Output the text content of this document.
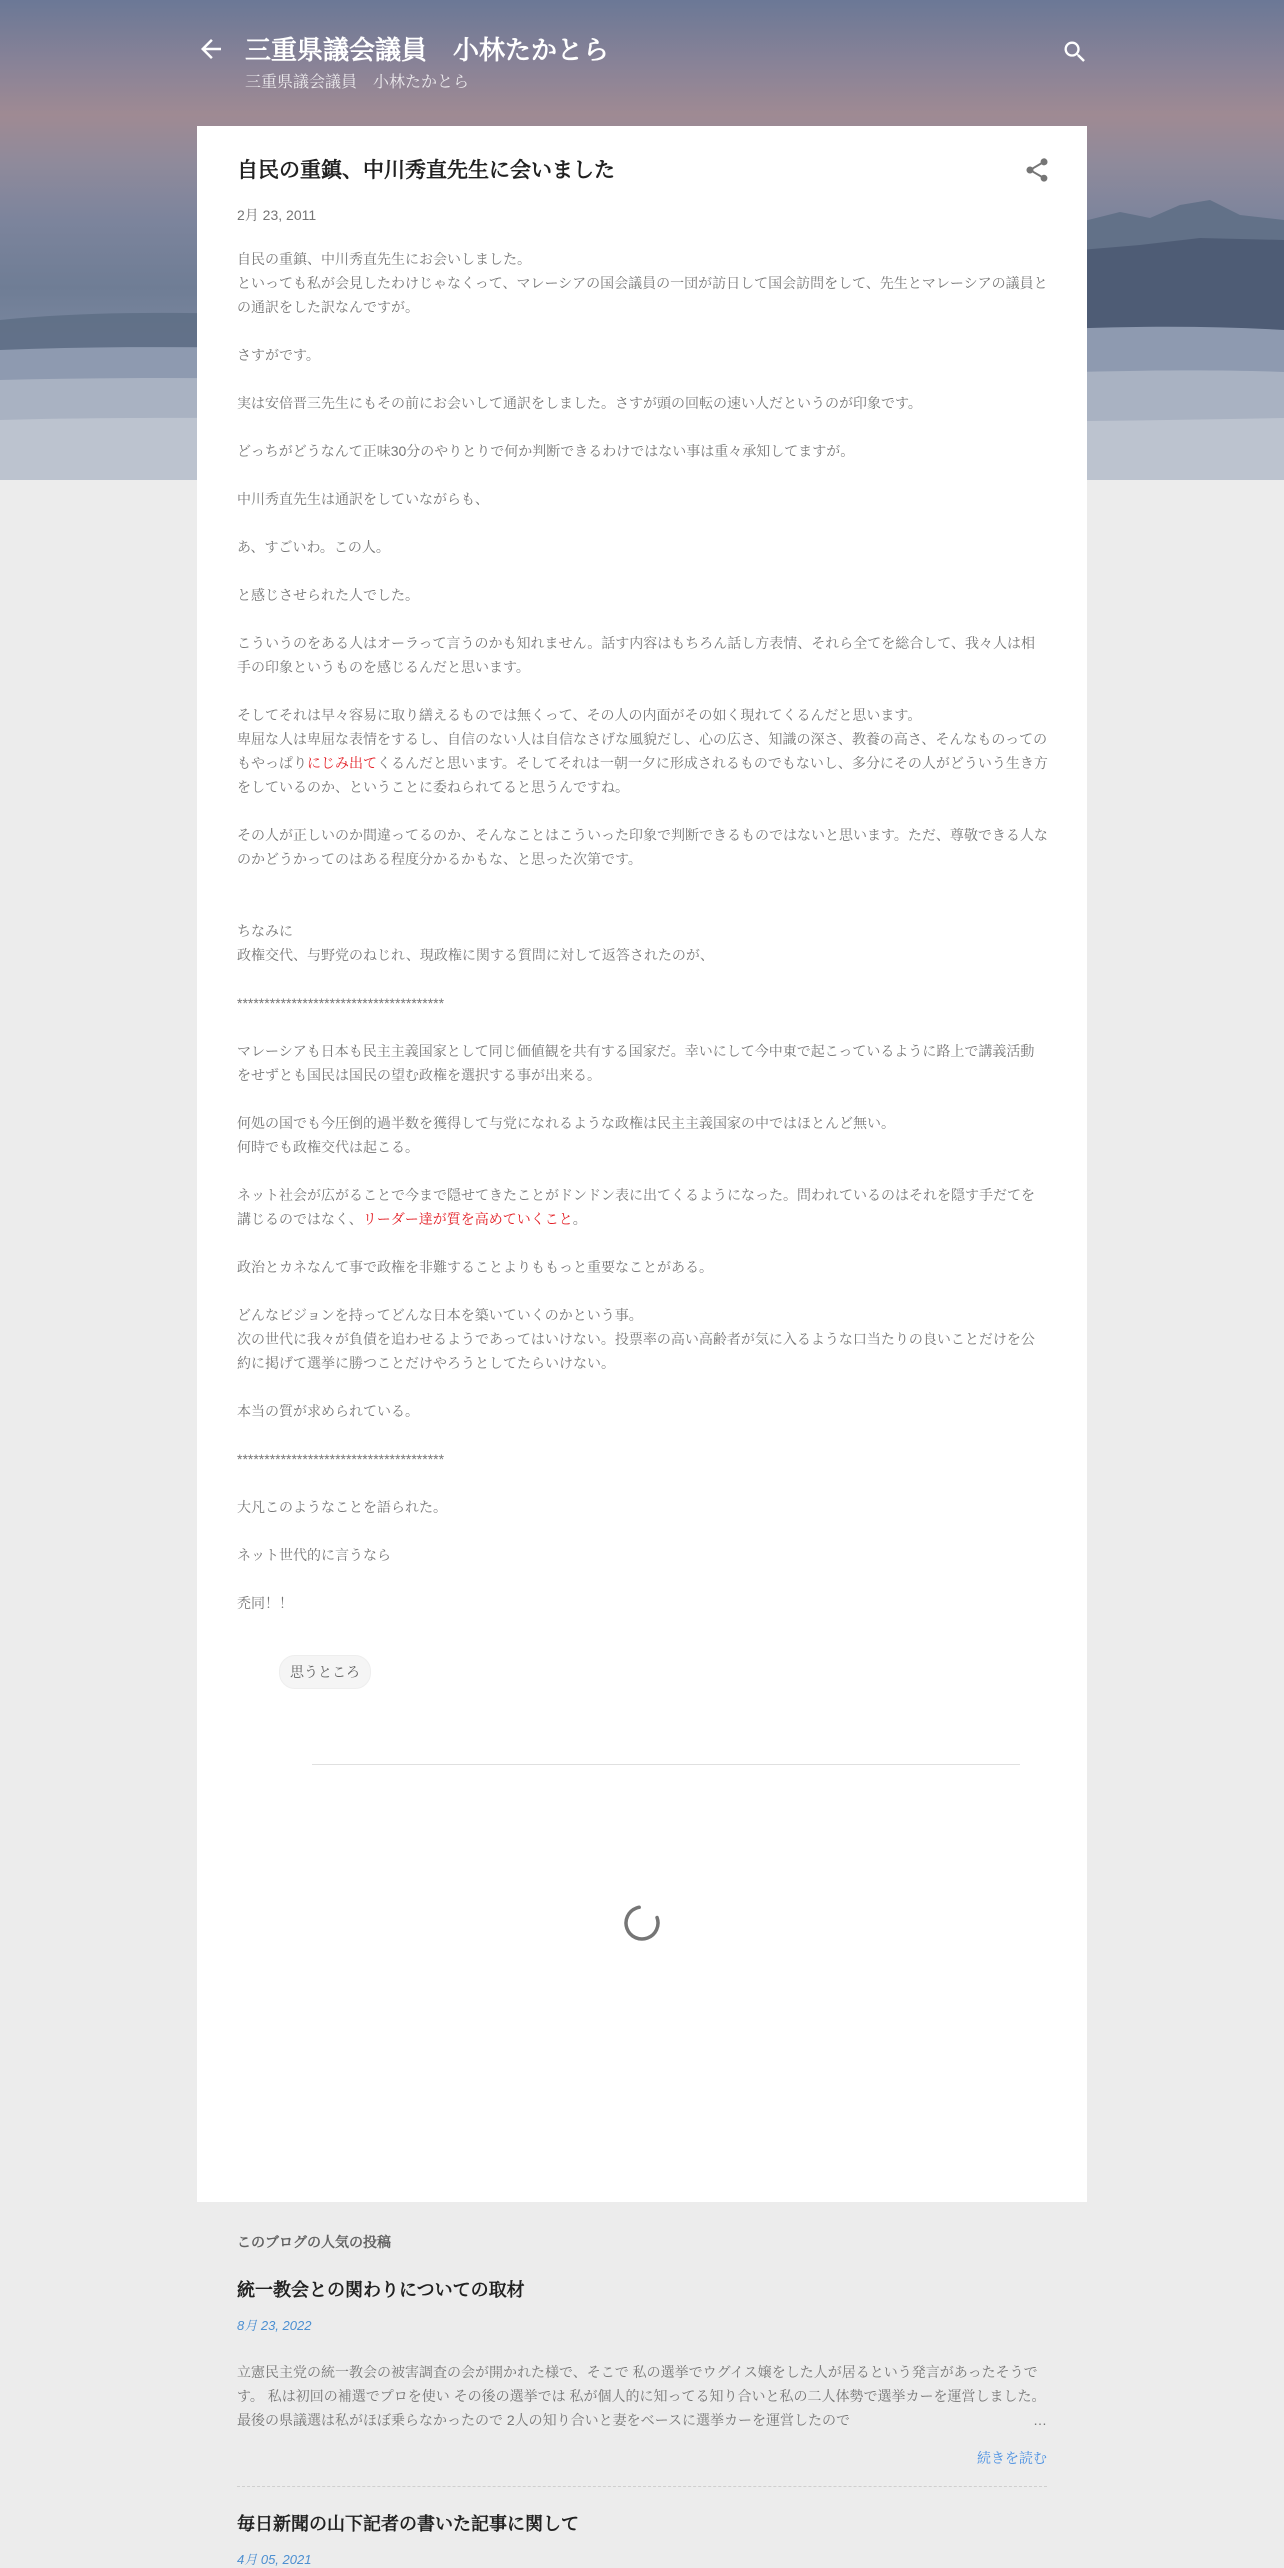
三重県議会議員　小林たかとら
三重県議会議員　小林たかとら
自民の重鎮、中川秀直先生に会いました
2月 23, 2011

自民の重鎮、中川秀直先生にお会いしました。
といっても私が会見したわけじゃなくって、マレーシアの国会議員の一団が訪日して国会訪問をして、先生とマレーシアの議員との通訳をした訳なんですが。

さすがです。

実は安倍晋三先生にもその前にお会いして通訳をしました。さすが頭の回転の速い人だというのが印象です。

どっちがどうなんて正味30分のやりとりで何か判断できるわけではない事は重々承知してますが。

中川秀直先生は通訳をしていながらも、

あ、すごいわ。この人。

と感じさせられた人でした。

こういうのをある人はオーラって言うのかも知れません。話す内容はもちろん話し方表情、それら全てを総合して、我々人は相手の印象というものを感じるんだと思います。

そしてそれは早々容易に取り繕えるものでは無くって、その人の内面がその如く現れてくるんだと思います。
卑屈な人は卑屈な表情をするし、自信のない人は自信なさげな風貌だし、心の広さ、知識の深さ、教養の高さ、そんなものってのもやっぱりにじみ出てくるんだと思います。そしてそれは一朝一夕に形成されるものでもないし、多分にその人がどういう生き方をしているのか、ということに委ねられてると思うんですね。

その人が正しいのか間違ってるのか、そんなことはこういった印象で判断できるものではないと思います。ただ、尊敬できる人なのかどうかってのはある程度分かるかもな、と思った次第です。

ちなみに
政権交代、与野党のねじれ、現政権に関する質問に対して返答されたのが、

**************************************

マレーシアも日本も民主主義国家として同じ価値観を共有する国家だ。幸いにして今中東で起こっているように路上で講義活動をせずとも国民は国民の望む政権を選択する事が出来る。

何処の国でも今圧倒的過半数を獲得して与党になれるような政権は民主主義国家の中ではほとんど無い。
何時でも政権交代は起こる。

ネット社会が広がることで今まで隠せてきたことがドンドン表に出てくるようになった。問われているのはそれを隠す手だてを講じるのではなく、リーダー達が質を高めていくこと。

政治とカネなんて事で政権を非難することよりももっと重要なことがある。

どんなビジョンを持ってどんな日本を築いていくのかという事。
次の世代に我々が負債を追わせるようであってはいけない。投票率の高い高齢者が気に入るような口当たりの良いことだけを公約に掲げて選挙に勝つことだけやろうとしてたらいけない。

本当の質が求められている。

**************************************

大凡このようなことを語られた。

ネット世代的に言うなら

禿同！！

思うところ
このブログの人気の投稿
統一教会との関わりについての取材
8月 23, 2022
立憲民主党の統一教会の被害調査の会が開かれた様で、そこで 私の選挙でウグイス嬢をした人が居るという発言があったそうです。 私は初回の補選でプロを使い その後の選挙では 私が個人的に知ってる知り合いと私の二人体勢で選挙カーを運営しました。 最後の県議選は私がほぼ乗らなかったので 2人の知り合いと妻をベースに選挙カーを運営したので	…
続きを読む
毎日新聞の山下記者の書いた記事に関して
4月 05, 2021
